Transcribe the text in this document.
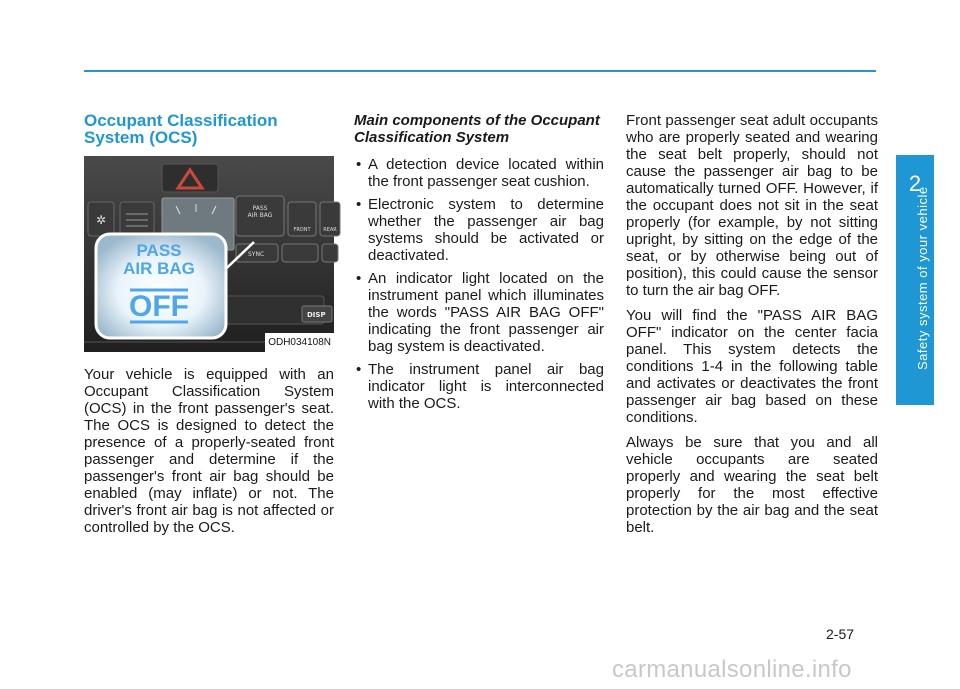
2
Safety system of your vehicle
Occupant Classification System (OCS)
✲
PASS
AIR BAG
FRONT	REAR
SYNC
DISP
PASS
AIR BAG
OFF
ODH034108N

Your vehicle is equipped with an Occupant Classification System (OCS) in the front passenger's seat. The OCS is designed to detect the presence of a properly-seated front passenger and determine if the passenger's front air bag should be enabled (may inflate) or not. The driver's front air bag is not affected or controlled by the OCS.

Main components of the Occupant Classification System
• A detection device located within the front passenger seat cushion.
• Electronic system to determine whether the passenger air bag systems should be activated or deactivated.
• An indicator light located on the instrument panel which illuminates the words "PASS AIR BAG OFF" indicating the front passenger air bag system is deactivated.
• The instrument panel air bag indicator light is interconnected with the OCS.

Front passenger seat adult occupants who are properly seated and wearing the seat belt properly, should not cause the passenger air bag to be automatically turned OFF. However, if the occupant does not sit in the seat properly (for example, by not sitting upright, by sitting on the edge of the seat, or by otherwise being out of position), this could cause the sensor to turn the air bag OFF.

You will find the "PASS AIR BAG OFF" indicator on the center facia panel. This system detects the conditions 1-4 in the following table and activates or deactivates the front passenger air bag based on these conditions.

Always be sure that you and all vehicle occupants are seated properly and wearing the seat belt properly for the most effective protection by the air bag and the seat belt.

2-57
carmanualsonline.info
